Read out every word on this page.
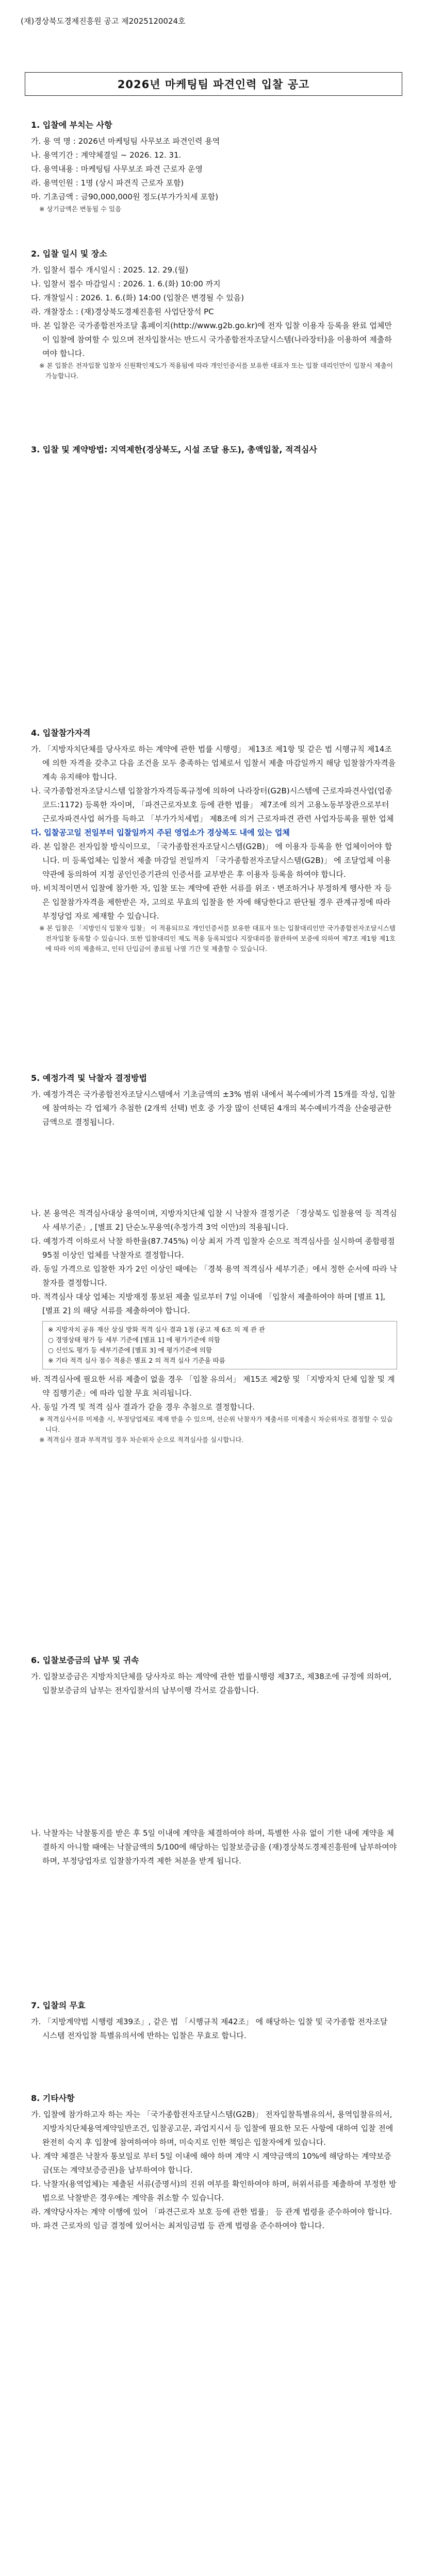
(재)경상북도경제진흥원 공고 제2025120024호
2026년 마케팅팀 파견인력 입찰 공고

1. 입찰에 부치는 사항

가. 용 역 명 : 2026년 마케팅팀 사무보조 파견인력 용역

나. 용역기간 : 계약체결일 ~ 2026. 12. 31.

다. 용역내용 : 마케팅팀 사무보조 파견 근로자 운영

라. 용역인원 : 1명 (상시 파견직 근로자 포함)

마. 기초금액 : 금90,000,000원 정도(부가가치세 포함)

※ 상기금액은 변동될 수 있음

2. 입찰 일시 및 장소

가. 입찰서 접수 개시일시 : 2025. 12. 29.(월)

나. 입찰서 접수 마감일시 : 2026. 1. 6.(화) 10:00 까지

다. 개찰일시 : 2026. 1. 6.(화) 14:00 (입찰은 변경될 수 있음)

라. 개찰장소 : (재)경상북도경제진흥원 사업단장석 PC

마. 본 입찰은 국가종합전자조달 홈페이지(http://www.g2b.go.kr)에 전자 입찰 이용자 등록을 완료 업체만이 입찰에 참여할 수 있으며 전자입찰서는 반드시 국가종합전자조달시스템(나라장터)을 이용하여 제출하여야 합니다.

※ 본 입찰은 전자입찰 입찰자 신원확인제도가 적용됨에 따라 개인인증서를 보유한 대표자 또는 입찰 대리인만이 입찰서 제출이 가능합니다.

3. 입찰 및 계약방법: 지역제한(경상북도, 시설 조달 용도), 총액입찰, 적격심사

4. 입찰참가자격

가. 「지방자치단체를 당사자로 하는 계약에 관한 법률 시행령」 제13조 제1항 및 같은 법 시행규칙 제14조에 의한 자격을 갖추고 다음 조건을 모두 충족하는 업체로서 입찰서 제출 마감일까지 해당 입찰참가자격을 계속 유지해야 합니다.

나. 국가종합전자조달시스템 입찰참가자격등록규정에 의하여 나라장터(G2B)시스템에 근로자파견사업(업종코드:1172) 등록한 자이며, 「파견근로자보호 등에 관한 법률」 제7조에 의거 고용노동부장관으로부터 근로자파견사업 허가를 득하고 「부가가치세법」 제8조에 의거 근로자파견 관련 사업자등록을 필한 업체

다. 입찰공고일 전일부터 입찰일까지 주된 영업소가 경상북도 내에 있는 업체

라. 본 입찰은 전자입찰 방식이므로, 「국가종합전자조달시스템(G2B)」 에 이용자 등록을 한 업체이어야 합니다. 미 등록업체는 입찰서 제출 마감일 전일까지 「국가종합전자조달시스템(G2B)」 에 조달업체 이용 약관에 동의하여 지정 공인인증기관의 인증서를 교부받은 후 이용자 등록을 하여야 합니다.

마. 비치적이면서 입찰에 참가한 자, 입찰 또는 계약에 관한 서류를 위조ㆍ변조하거나 부정하게 행사한 자 등은 입찰참가자격을 제한받은 자, 고의로 무효의 입찰을 한 자에 해당한다고 판단될 경우 관계규정에 따라 부정당업 자로 제재할 수 있습니다.

※ 본 입찰은 「지방인식 입찰자 입찰」 이 적용되므로 개인인증서를 보유한 대표자 또는 입찰대리인만 국가종합전자조달시스템 전자입찰 등록할 수 있습니다. 또한 입찰대리인 제도 적용 등록되었다 지장대리를 참관하여 보증에 의하여 제7조 제1항 제1호에 따라 이의 제출하고, 인터 단입금이 종료될 나열 기간 및 제출할 수 있습니다.

5. 예정가격 및 낙찰자 결정방법

가. 예정가격은 국가종합전자조달시스템에서 기초금액의 ±3% 범위 내에서 복수예비가격 15개를 작성, 입찰에 참여하는 각 업체가 추첨한 (2개씩 선택) 번호 중 가장 많이 선택된 4개의 복수예비가격을 산술평균한 금액으로 결정됩니다.

나. 본 용역은 적격심사대상 용역이며, 지방자치단체 입찰 시 낙찰자 결정기준 「경상북도 입찰용역 등 적격심사 세부기준」, [별표 2] 단순노무용역(추정가격 3억 이만)의 적용됩니다.

다. 예정가격 이하로서 낙찰 하한율(87.745%) 이상 최저 가격 입찰자 순으로 적격심사를 실시하여 종합평점 95점 이상인 업체를 낙찰자로 결정합니다.

라. 동일 가격으로 입찰한 자가 2인 이상인 때에는 「경북 용역 적격심사 세부기준」에서 정한 순서에 따라 낙찰자를 결정합니다.

마. 적격심사 대상 업체는 지방재정 통보된 제출 일로부터 7일 이내에 「입찰서 제출하여야 하며 [별표 1], [별표 2] 의 해당 서류를 제출하여야 합니다.

※ 지방자치 공유 재산 상실 방화 적격 심사 결과 1점 (공고 제 6조 의 제 관 관
○ 경영상태 평가 등 세부 기준에 [별표 1] 에 평가기준에 의함
○ 신인도 평가 등 세부기준에 [별표 3] 에 평가기준에 의함
※ 기타 적격 심사 점수 적용은 별표 2 의 적격 심사 기준을 따름

바. 적격심사에 필요한 서류 제출이 없을 경우 「입찰 유의서」 제15조 제2항 및 「지방자치 단체 입찰 및 계약 집행기준」에 따라 입찰 무효 처리됩니다.

사. 동일 가격 및 적격 심사 결과가 같을 경우 추첨으로 결정합니다.

※ 적격심사서류 미제출 시, 부정당업체로 제재 받을 수 있으며, 선순위 낙찰자가 제출서류 미제출시 차순위자로 결정할 수 있습니다.

※ 적격심사 결과 부적격일 경우 차순위자 순으로 적격심사를 실시합니다.

6. 입찰보증금의 납부 및 귀속

가. 입찰보증금은 지방자치단체를 당사자로 하는 계약에 관한 법률시행령 제37조, 제38조에 규정에 의하여, 입찰보증금의 납부는 전자입찰서의 납부이행 각서로 갈음합니다.

나. 낙찰자는 낙찰통지를 받은 후 5일 이내에 계약을 체결하여야 하며, 특별한 사유 없이 기한 내에 계약을 체결하지 아니할 때에는 낙찰금액의 5/100에 해당하는 입찰보증금을 (재)경상북도경제진흥원에 납부하여야 하며, 부정당업자로 입찰참가자격 제한 처분을 받게 됩니다.

7. 입찰의 무효

가. 「지방계약법 시행령 제39조」, 같은 법 「시행규칙 제42조」 에 해당하는 입찰 및 국가종합 전자조달 시스템 전자입찰 특별유의서에 반하는 입찰은 무효로 합니다.

8. 기타사항

가. 입찰에 참가하고자 하는 자는 「국가종합전자조달시스템(G2B)」 전자입찰특별유의서, 용역입찰유의서, 지방자치단체용역계약일반조건, 입찰공고문, 과업지시서 등 입찰에 필요한 모든 사항에 대하여 입찰 전에 완전히 숙지 후 입찰에 참여하여야 하며, 미숙지로 인한 책임은 입찰자에게 있습니다.

나. 계약 체결은 낙찰자 통보일로 부터 5일 이내에 해야 하며 계약 시 계약금액의 10%에 해당하는 계약보증금(또는 계약보증증권)을 납부하여야 합니다.

다. 낙찰자(용역업체)는 제출된 서류(증명서)의 진위 여부를 확인하여야 하며, 허위서류를 제출하여 부정한 방법으로 낙찰받은 경우에는 계약을 취소할 수 있습니다.

라. 계약당사자는 계약 이행에 있어 「파견근로자 보호 등에 관한 법률」 등 관계 법령을 준수하여야 합니다.

마. 파견 근로자의 임금 결정에 있어서는 최저임금법 등 관계 법령을 준수하여야 합니다.
